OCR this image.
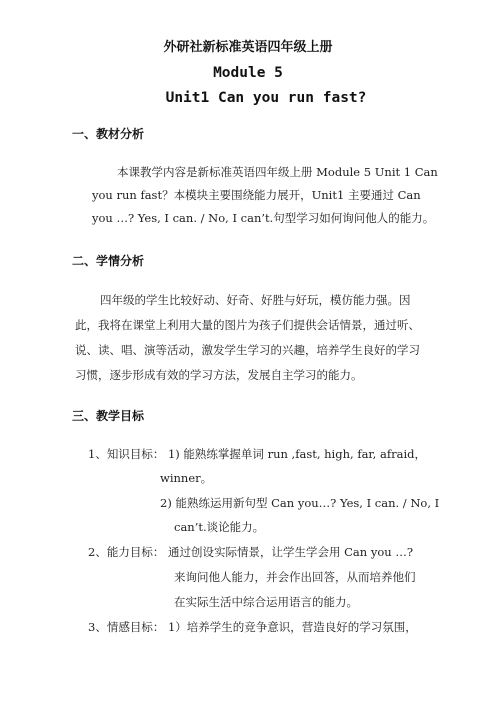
外研社新标准英语四年级上册
Module 5
Unit1 Can you run fast?
一、教材分析
本课教学内容是新标准英语四年级上册 Module 5 Unit 1 Can
you run fast？本模块主要围绕能力展开，Unit1 主要通过 Can
you …? Yes, I can. / No, I can’t.句型学习如何询问他人的能力。
二、学情分析
四年级的学生比较好动、好奇、好胜与好玩，模仿能力强。因
此，我将在课堂上利用大量的图片为孩子们提供会话情景，通过听、
说、读、唱、演等活动，激发学生学习的兴趣，培养学生良好的学习
习惯，逐步形成有效的学习方法，发展自主学习的能力。
三、教学目标
1、知识目标： 1) 能熟练掌握单词 run ,fast, high, far, afraid，
winner。
2) 能熟练运用新句型 Can you…? Yes, I can. / No, I
can’t.谈论能力。
2、能力目标： 通过创设实际情景，让学生学会用 Can you …?
来询问他人能力，并会作出回答，从而培养他们
在实际生活中综合运用语言的能力。
3、情感目标： 1）培养学生的竞争意识，营造良好的学习氛围，
